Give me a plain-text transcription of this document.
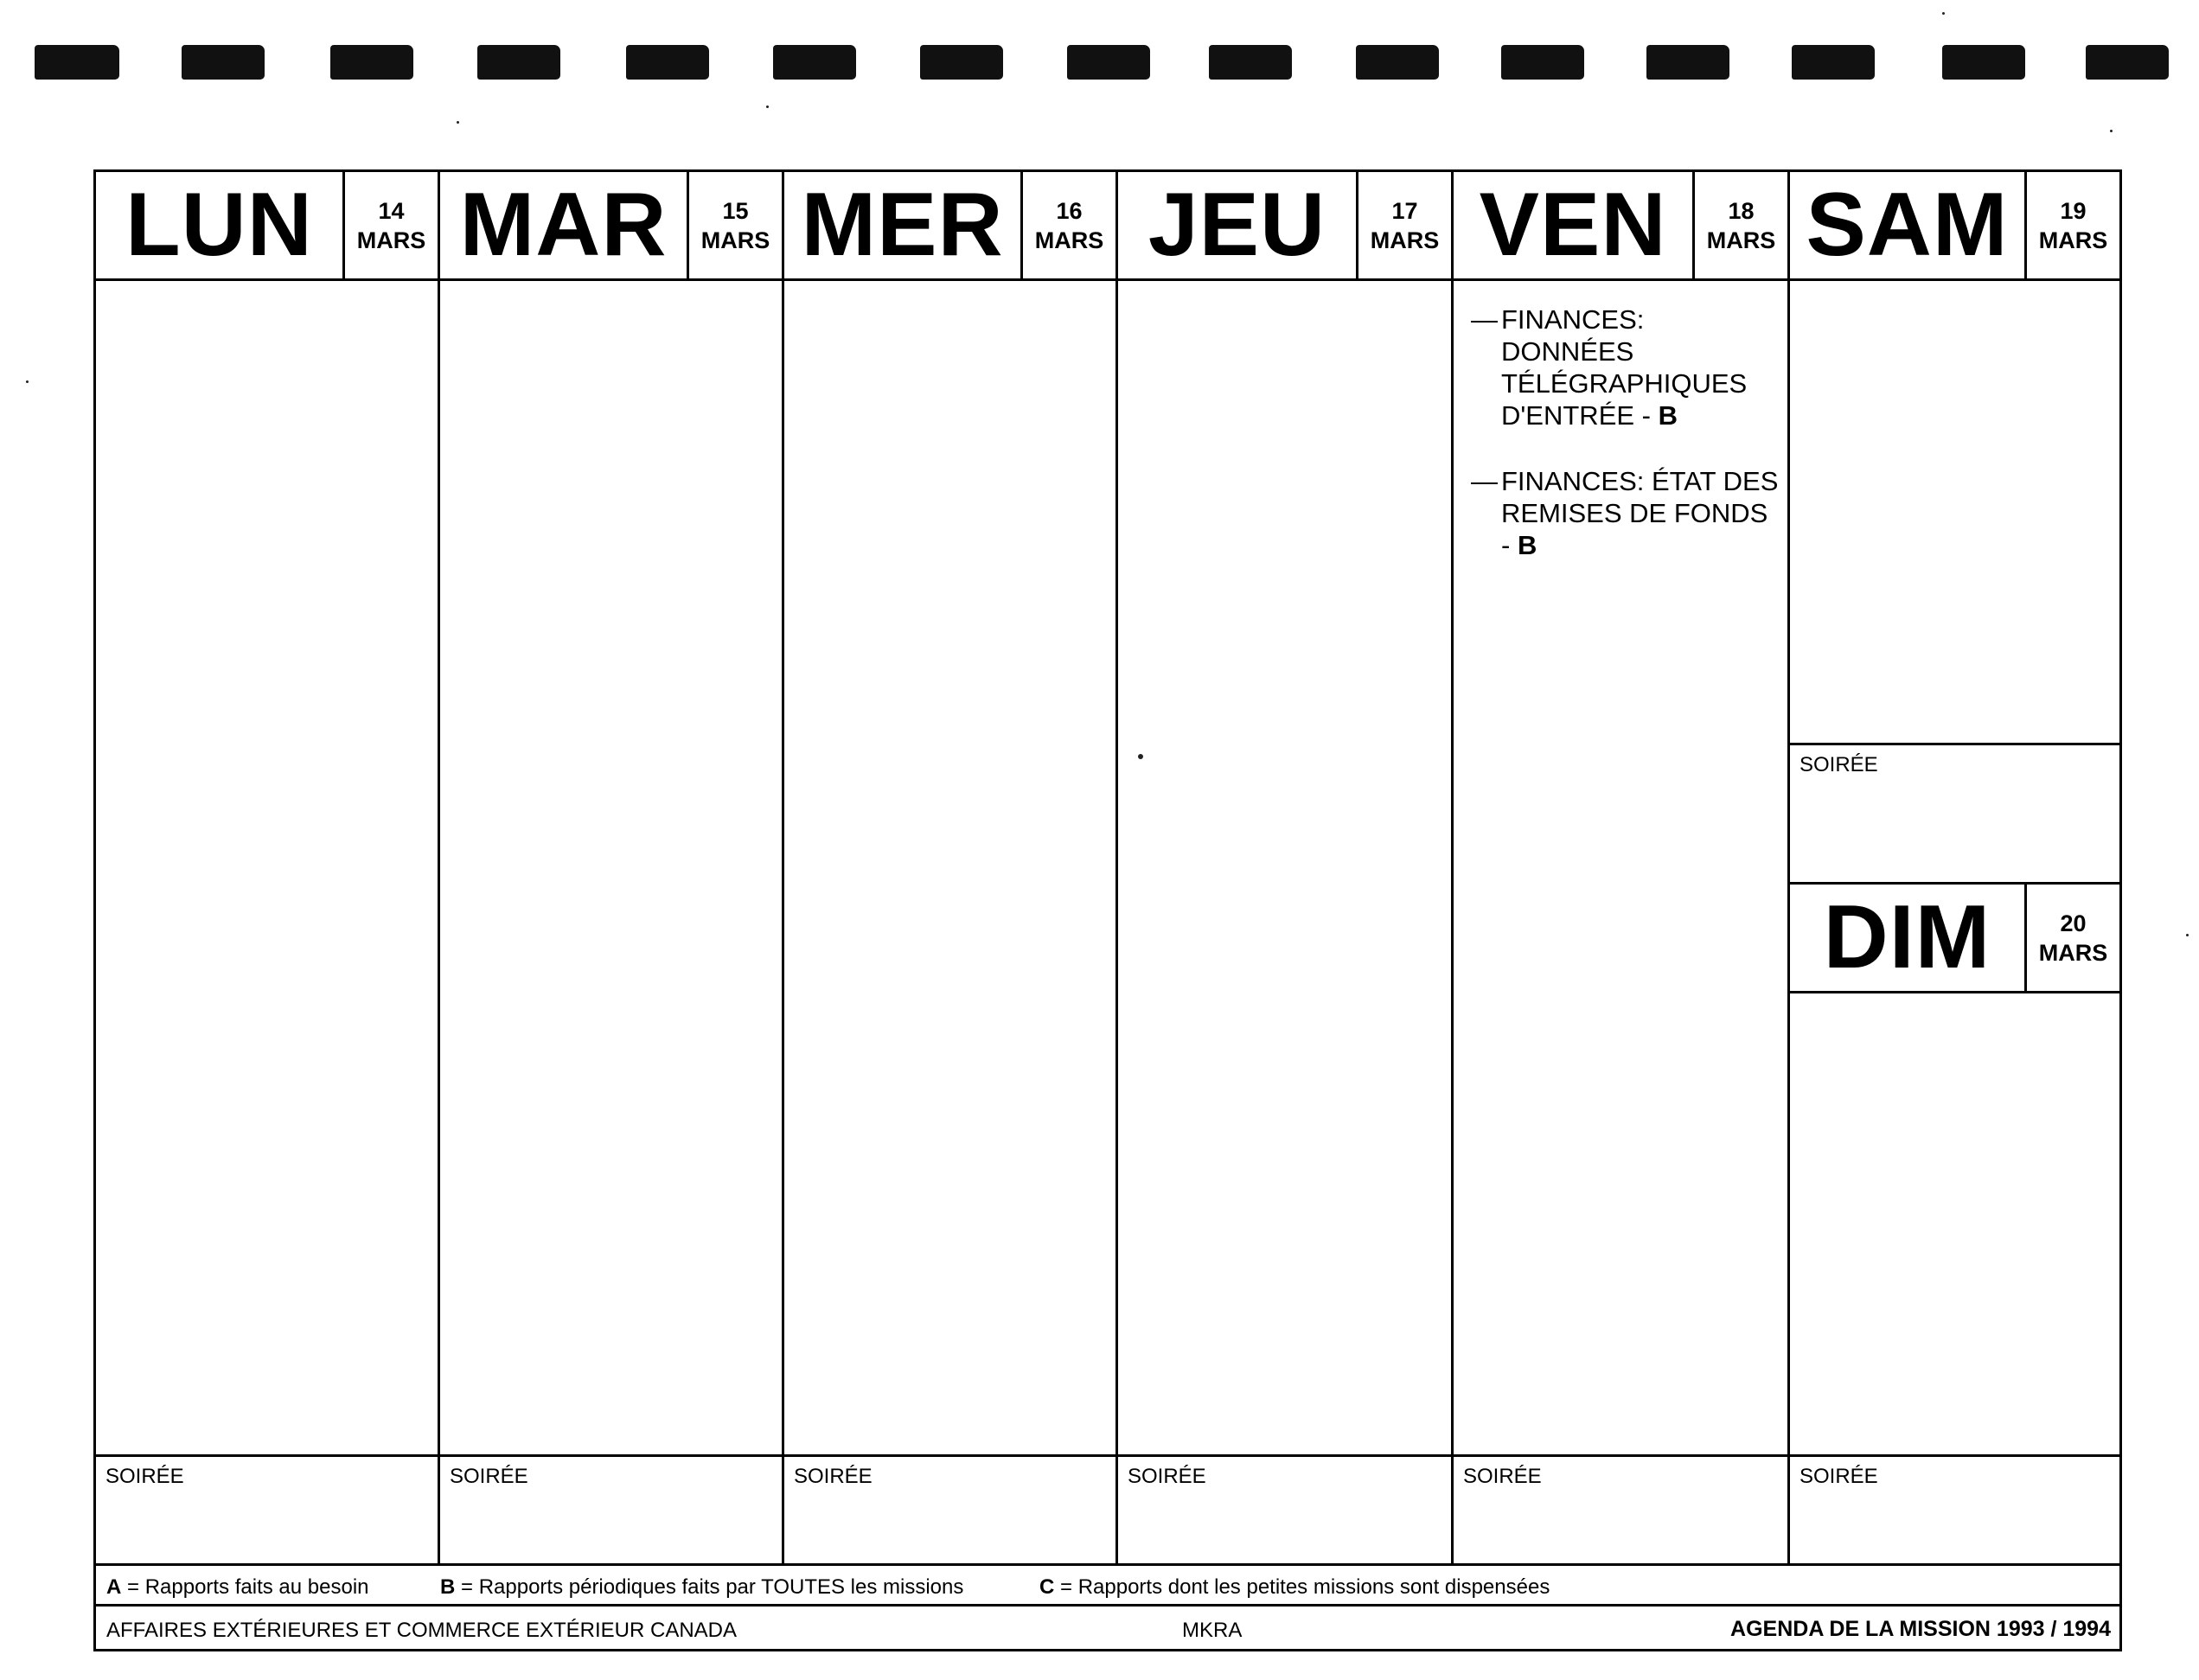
LUN	14
MARS
SOIRÉE
MAR	15
MARS
SOIRÉE
MER	16
MARS
SOIRÉE
JEU	17
MARS
SOIRÉE
VEN	18
MARS
— FINANCES: DONNÉES
TÉLÉGRAPHIQUES
D'ENTRÉE - B
— FINANCES: ÉTAT DES
REMISES DE FONDS - B
SOIRÉE
SAM	19
MARS
SOIRÉE
DIM	20
MARS
SOIRÉE
A = Rapports faits au besoin	B = Rapports périodiques faits par TOUTES les missions	C = Rapports dont les petites missions sont dispensées
AFFAIRES EXTÉRIEURES ET COMMERCE EXTÉRIEUR CANADA	MKRA	AGENDA DE LA MISSION 1993 / 1994
